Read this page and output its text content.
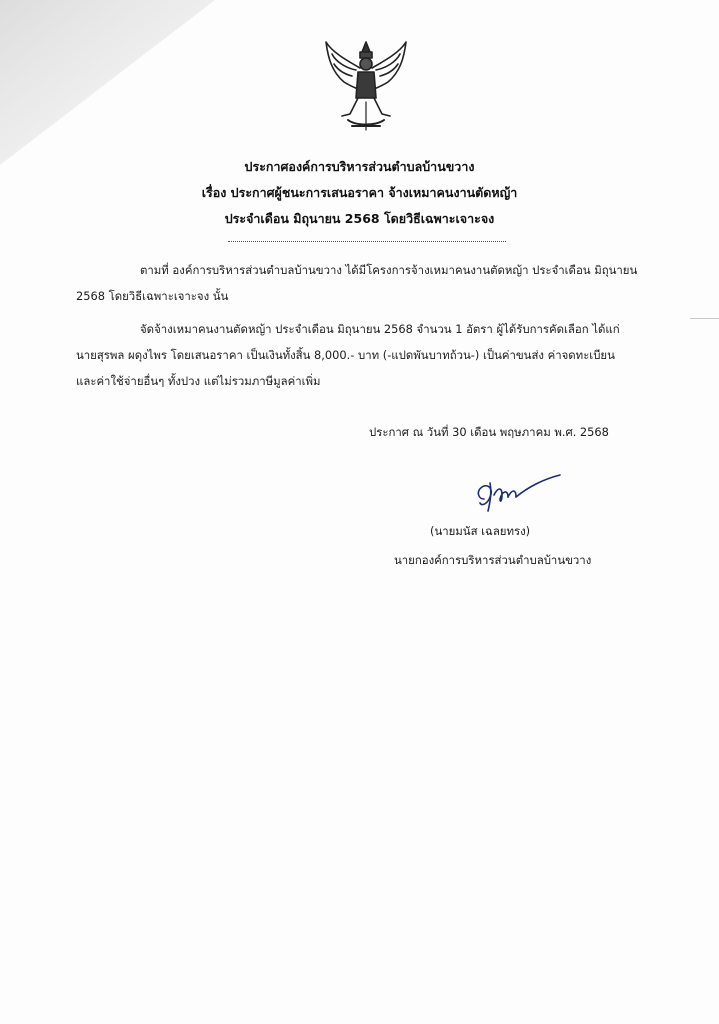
ประกาศองค์การบริหารส่วนตำบลบ้านขวาง
เรื่อง ประกาศผู้ชนะการเสนอราคา จ้างเหมาคนงานตัดหญ้า
ประจำเดือน มิถุนายน 2568 โดยวิธีเฉพาะเจาะจง
ตามที่ องค์การบริหารส่วนตำบลบ้านขวาง ได้มีโครงการจ้างเหมาคนงานตัดหญ้า ประจำเดือน มิถุนายน
2568 โดยวิธีเฉพาะเจาะจง นั้น
จัดจ้างเหมาคนงานตัดหญ้า ประจำเดือน มิถุนายน 2568 จำนวน 1 อัตรา ผู้ได้รับการคัดเลือก ได้แก่
นายสุรพล ผดุงไพร โดยเสนอราคา เป็นเงินทั้งสิ้น 8,000.- บาท (-แปดพันบาทถ้วน-) เป็นค่าขนส่ง ค่าจดทะเบียน
และค่าใช้จ่ายอื่นๆ ทั้งปวง แต่ไม่รวมภาษีมูลค่าเพิ่ม
ประกาศ ณ วันที่ 30 เดือน พฤษภาคม พ.ศ. 2568
(นายมนัส เฉลยทรง)
นายกองค์การบริหารส่วนตำบลบ้านขวาง
